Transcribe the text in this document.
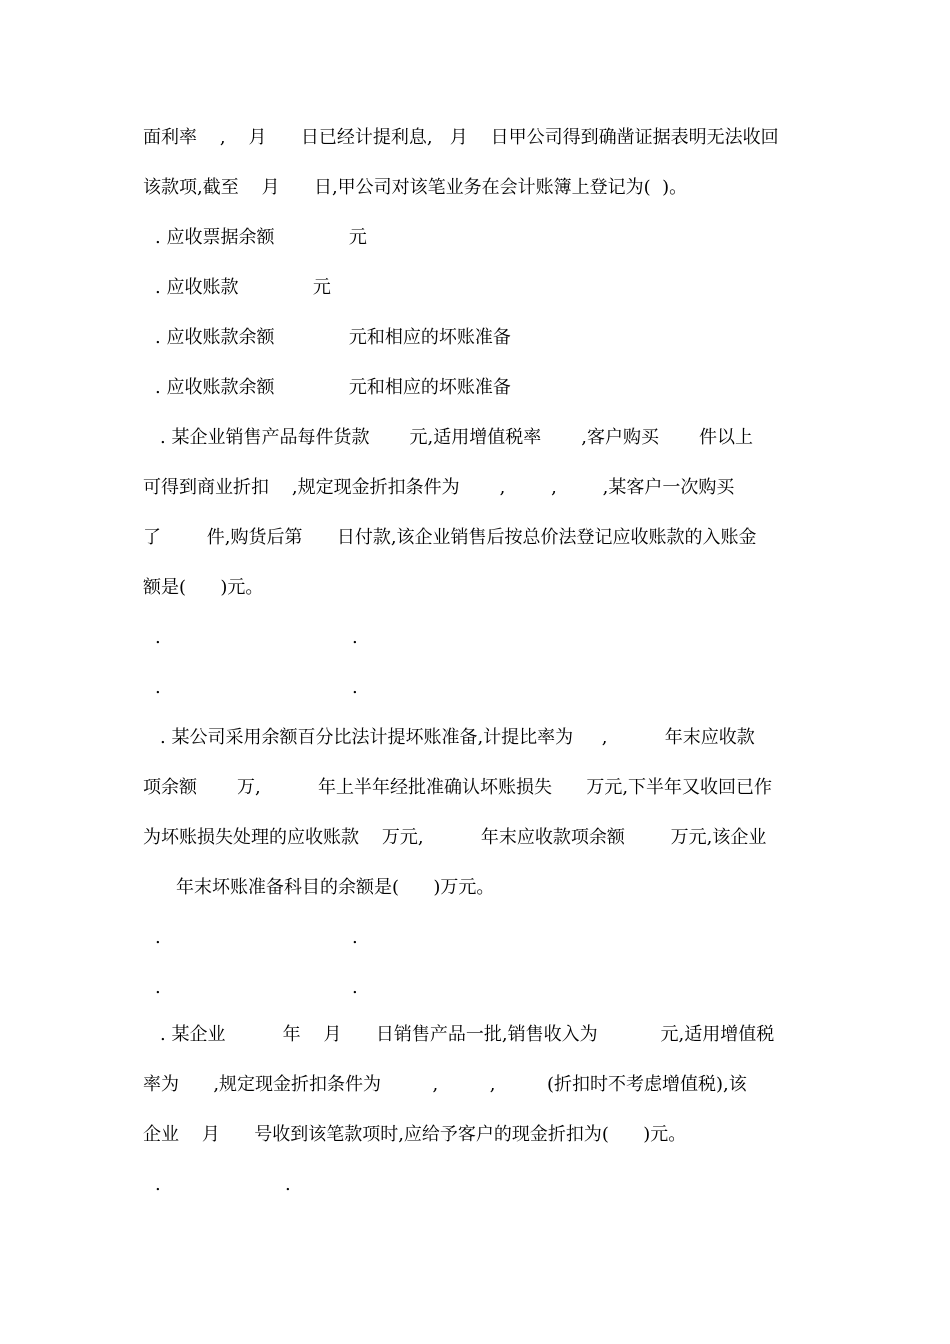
面利率    ,    月      日已经计提利息,   月    日甲公司得到确凿证据表明无法收回
该款项,截至    月      日,甲公司对该笔业务在会计账簿上登记为(  )。
. 应收票据余额             元
. 应收账款             元
. 应收账款余额             元和相应的坏账准备
. 应收账款余额             元和相应的坏账准备
. 某企业销售产品每件货款       元,适用增值税率       ,客户购买       件以上
可得到商业折扣    ,规定现金折扣条件为       ,        ,        ,某客户一次购买
了        件,购货后第      日付款,该企业销售后按总价法登记应收账款的入账金
额是(      )元。
.	.
.	.
. 某公司采用余额百分比法计提坏账准备,计提比率为     ,          年末应收款
项余额       万,          年上半年经批准确认坏账损失      万元,下半年又收回已作
为坏账损失处理的应收账款    万元,          年末应收款项余额        万元,该企业
年末坏账准备科目的余额是(      )万元。
.	.
.	.
. 某企业          年    月      日销售产品一批,销售收入为           元,适用增值税
率为      ,规定现金折扣条件为         ,         ,         (折扣时不考虑增值税),该
企业    月      号收到该笔款项时,应给予客户的现金折扣为(      )元。
.	.
